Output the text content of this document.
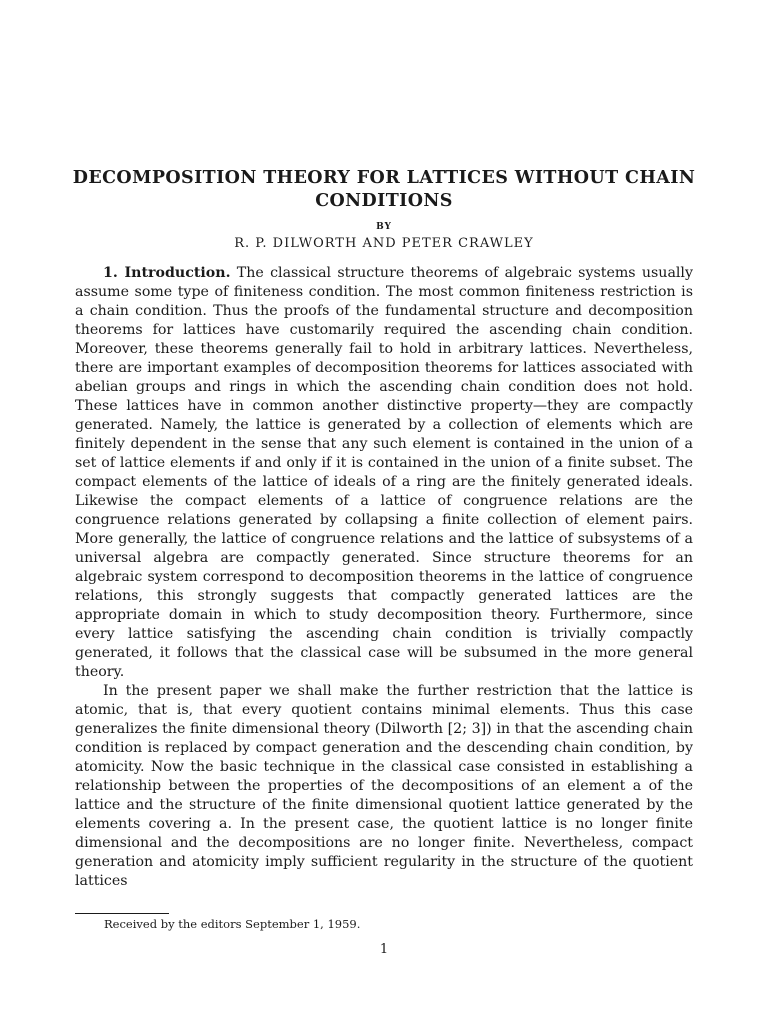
DECOMPOSITION THEORY FOR LATTICES WITHOUT CHAIN CONDITIONS
BY
R. P. DILWORTH AND PETER CRAWLEY

1. Introduction. The classical structure theorems of algebraic systems usually assume some type of finiteness condition. The most common finiteness restriction is a chain condition. Thus the proofs of the fundamental structure and decomposition theorems for lattices have customarily required the ascending chain condition. Moreover, these theorems generally fail to hold in arbitrary lattices. Nevertheless, there are important examples of decomposition theorems for lattices associated with abelian groups and rings in which the ascending chain condition does not hold. These lattices have in common another distinctive property—they are compactly generated. Namely, the lattice is generated by a collection of elements which are finitely dependent in the sense that any such element is contained in the union of a set of lattice elements if and only if it is contained in the union of a finite subset. The compact elements of the lattice of ideals of a ring are the finitely generated ideals. Likewise the compact elements of a lattice of congruence relations are the congruence relations generated by collapsing a finite collection of element pairs. More generally, the lattice of congruence relations and the lattice of subsystems of a universal algebra are compactly generated. Since structure theorems for an algebraic system correspond to decomposition theorems in the lattice of congruence relations, this strongly suggests that compactly generated lattices are the appropriate domain in which to study decomposition theory. Furthermore, since every lattice satisfying the ascending chain condition is trivially compactly generated, it follows that the classical case will be subsumed in the more general theory.

In the present paper we shall make the further restriction that the lattice is atomic, that is, that every quotient contains minimal elements. Thus this case generalizes the finite dimensional theory (Dilworth [2; 3]) in that the ascending chain condition is replaced by compact generation and the descending chain condition, by atomicity. Now the basic technique in the classical case consisted in establishing a relationship between the properties of the decompositions of an element a of the lattice and the structure of the finite dimensional quotient lattice generated by the elements covering a. In the present case, the quotient lattice is no longer finite dimensional and the decompositions are no longer finite. Nevertheless, compact generation and atomicity imply sufficient regularity in the structure of the quotient lattices

Received by the editors September 1, 1959.
1
